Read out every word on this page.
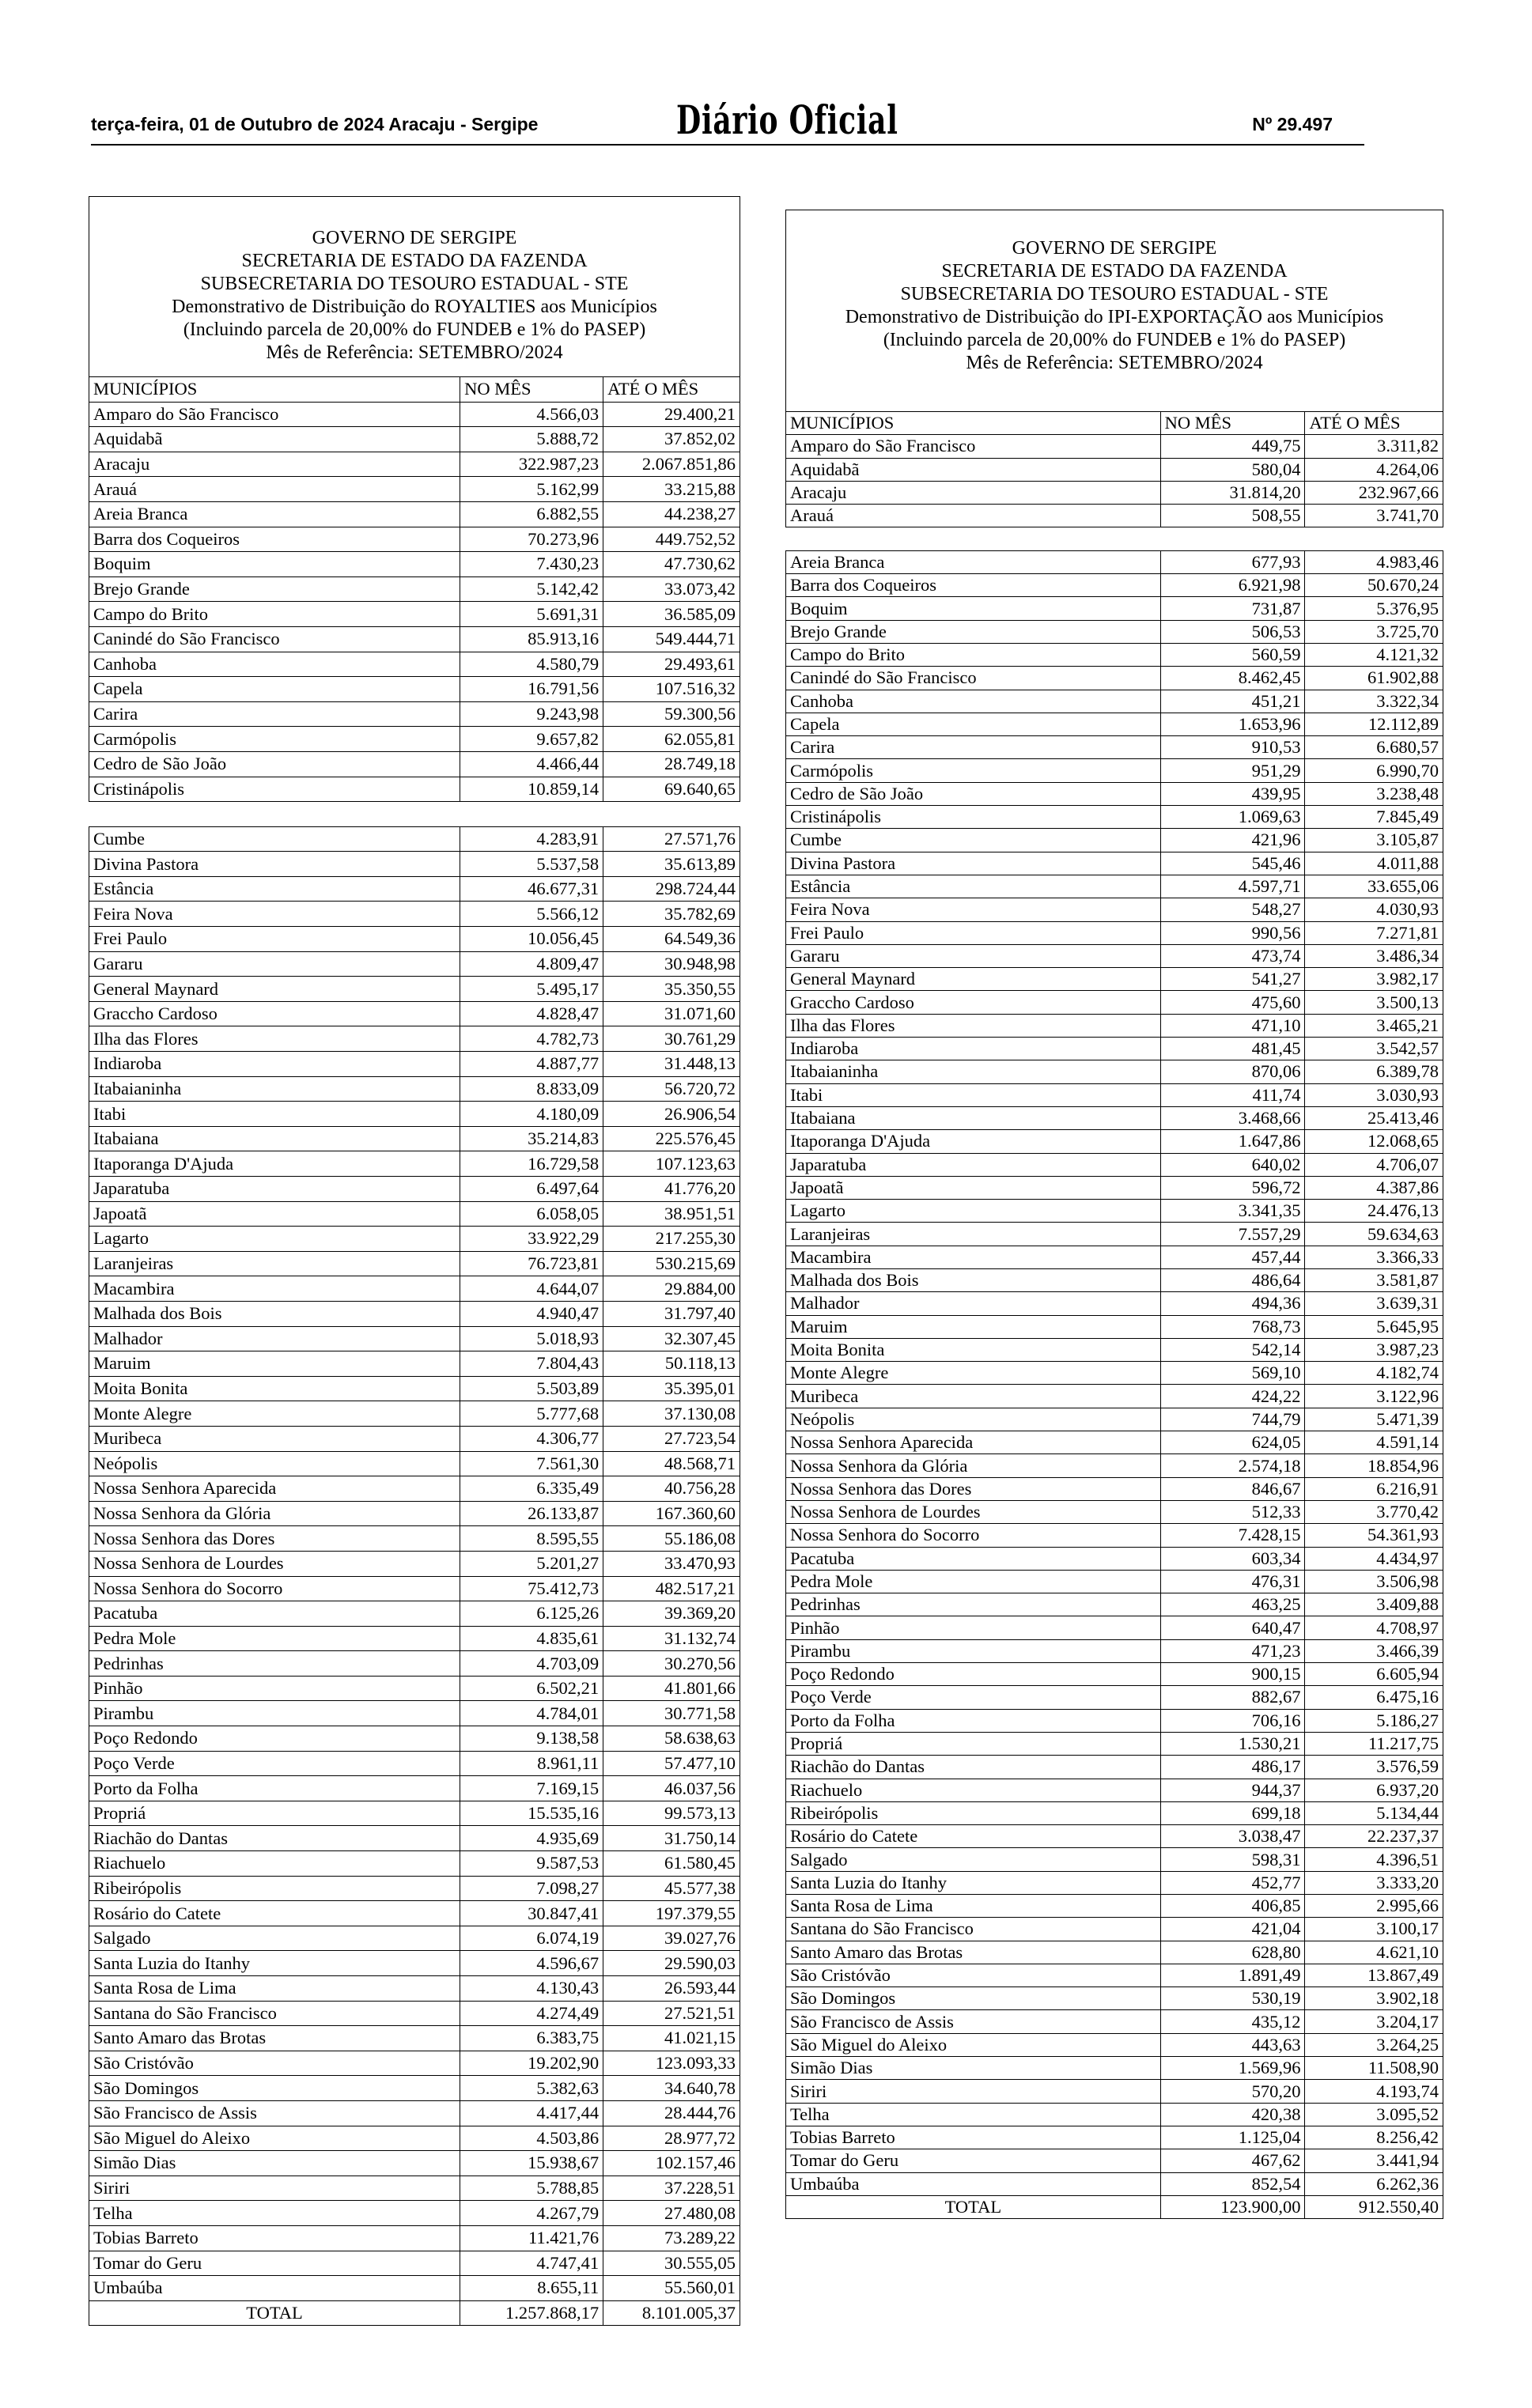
terça-feira, 01 de Outubro de 2024 Aracaju - Sergipe	Diário Oficial	Nº 29.497
GOVERNO DE SERGIPE
SECRETARIA DE ESTADO DA FAZENDA
SUBSECRETARIA DO TESOURO ESTADUAL - STE
Demonstrativo de Distribuição do ROYALTIES aos Municípios
(Incluindo parcela de 20,00% do FUNDEB e 1% do PASEP)
Mês de Referência: SETEMBRO/2024
MUNICÍPIOS	NO MÊS	ATÉ O MÊS
Amparo do São Francisco	4.566,03	29.400,21
Aquidabã	5.888,72	37.852,02
Aracaju	322.987,23	2.067.851,86
Arauá	5.162,99	33.215,88
Areia Branca	6.882,55	44.238,27
Barra dos Coqueiros	70.273,96	449.752,52
Boquim	7.430,23	47.730,62
Brejo Grande	5.142,42	33.073,42
Campo do Brito	5.691,31	36.585,09
Canindé do São Francisco	85.913,16	549.444,71
Canhoba	4.580,79	29.493,61
Capela	16.791,56	107.516,32
Carira	9.243,98	59.300,56
Carmópolis	9.657,82	62.055,81
Cedro de São João	4.466,44	28.749,18
Cristinápolis	10.859,14	69.640,65

Cumbe	4.283,91	27.571,76
Divina Pastora	5.537,58	35.613,89
Estância	46.677,31	298.724,44
Feira Nova	5.566,12	35.782,69
Frei Paulo	10.056,45	64.549,36
Gararu	4.809,47	30.948,98
General Maynard	5.495,17	35.350,55
Graccho Cardoso	4.828,47	31.071,60
Ilha das Flores	4.782,73	30.761,29
Indiaroba	4.887,77	31.448,13
Itabaianinha	8.833,09	56.720,72
Itabi	4.180,09	26.906,54
Itabaiana	35.214,83	225.576,45
Itaporanga D'Ajuda	16.729,58	107.123,63
Japaratuba	6.497,64	41.776,20
Japoatã	6.058,05	38.951,51
Lagarto	33.922,29	217.255,30
Laranjeiras	76.723,81	530.215,69
Macambira	4.644,07	29.884,00
Malhada dos Bois	4.940,47	31.797,40
Malhador	5.018,93	32.307,45
Maruim	7.804,43	50.118,13
Moita Bonita	5.503,89	35.395,01
Monte Alegre	5.777,68	37.130,08
Muribeca	4.306,77	27.723,54
Neópolis	7.561,30	48.568,71
Nossa Senhora Aparecida	6.335,49	40.756,28
Nossa Senhora da Glória	26.133,87	167.360,60
Nossa Senhora das Dores	8.595,55	55.186,08
Nossa Senhora de Lourdes	5.201,27	33.470,93
Nossa Senhora do Socorro	75.412,73	482.517,21
Pacatuba	6.125,26	39.369,20
Pedra Mole	4.835,61	31.132,74
Pedrinhas	4.703,09	30.270,56
Pinhão	6.502,21	41.801,66
Pirambu	4.784,01	30.771,58
Poço Redondo	9.138,58	58.638,63
Poço Verde	8.961,11	57.477,10
Porto da Folha	7.169,15	46.037,56
Propriá	15.535,16	99.573,13
Riachão do Dantas	4.935,69	31.750,14
Riachuelo	9.587,53	61.580,45
Ribeirópolis	7.098,27	45.577,38
Rosário do Catete	30.847,41	197.379,55
Salgado	6.074,19	39.027,76
Santa Luzia do Itanhy	4.596,67	29.590,03
Santa Rosa de Lima	4.130,43	26.593,44
Santana do São Francisco	4.274,49	27.521,51
Santo Amaro das Brotas	6.383,75	41.021,15
São Cristóvão	19.202,90	123.093,33
São Domingos	5.382,63	34.640,78
São Francisco de Assis	4.417,44	28.444,76
São Miguel do Aleixo	4.503,86	28.977,72
Simão Dias	15.938,67	102.157,46
Siriri	5.788,85	37.228,51
Telha	4.267,79	27.480,08
Tobias Barreto	11.421,76	73.289,22
Tomar do Geru	4.747,41	30.555,05
Umbaúba	8.655,11	55.560,01
TOTAL	1.257.868,17	8.101.005,37
GOVERNO DE SERGIPE
SECRETARIA DE ESTADO DA FAZENDA
SUBSECRETARIA DO TESOURO ESTADUAL - STE
Demonstrativo de Distribuição do IPI-EXPORTAÇÃO aos Municípios
(Incluindo parcela de 20,00% do FUNDEB e 1% do PASEP)
Mês de Referência: SETEMBRO/2024
MUNICÍPIOS	NO MÊS	ATÉ O MÊS
Amparo do São Francisco	449,75	3.311,82
Aquidabã	580,04	4.264,06
Aracaju	31.814,20	232.967,66
Arauá	508,55	3.741,70

Areia Branca	677,93	4.983,46
Barra dos Coqueiros	6.921,98	50.670,24
Boquim	731,87	5.376,95
Brejo Grande	506,53	3.725,70
Campo do Brito	560,59	4.121,32
Canindé do São Francisco	8.462,45	61.902,88
Canhoba	451,21	3.322,34
Capela	1.653,96	12.112,89
Carira	910,53	6.680,57
Carmópolis	951,29	6.990,70
Cedro de São João	439,95	3.238,48
Cristinápolis	1.069,63	7.845,49
Cumbe	421,96	3.105,87
Divina Pastora	545,46	4.011,88
Estância	4.597,71	33.655,06
Feira Nova	548,27	4.030,93
Frei Paulo	990,56	7.271,81
Gararu	473,74	3.486,34
General Maynard	541,27	3.982,17
Graccho Cardoso	475,60	3.500,13
Ilha das Flores	471,10	3.465,21
Indiaroba	481,45	3.542,57
Itabaianinha	870,06	6.389,78
Itabi	411,74	3.030,93
Itabaiana	3.468,66	25.413,46
Itaporanga D'Ajuda	1.647,86	12.068,65
Japaratuba	640,02	4.706,07
Japoatã	596,72	4.387,86
Lagarto	3.341,35	24.476,13
Laranjeiras	7.557,29	59.634,63
Macambira	457,44	3.366,33
Malhada dos Bois	486,64	3.581,87
Malhador	494,36	3.639,31
Maruim	768,73	5.645,95
Moita Bonita	542,14	3.987,23
Monte Alegre	569,10	4.182,74
Muribeca	424,22	3.122,96
Neópolis	744,79	5.471,39
Nossa Senhora Aparecida	624,05	4.591,14
Nossa Senhora da Glória	2.574,18	18.854,96
Nossa Senhora das Dores	846,67	6.216,91
Nossa Senhora de Lourdes	512,33	3.770,42
Nossa Senhora do Socorro	7.428,15	54.361,93
Pacatuba	603,34	4.434,97
Pedra Mole	476,31	3.506,98
Pedrinhas	463,25	3.409,88
Pinhão	640,47	4.708,97
Pirambu	471,23	3.466,39
Poço Redondo	900,15	6.605,94
Poço Verde	882,67	6.475,16
Porto da Folha	706,16	5.186,27
Propriá	1.530,21	11.217,75
Riachão do Dantas	486,17	3.576,59
Riachuelo	944,37	6.937,20
Ribeirópolis	699,18	5.134,44
Rosário do Catete	3.038,47	22.237,37
Salgado	598,31	4.396,51
Santa Luzia do Itanhy	452,77	3.333,20
Santa Rosa de Lima	406,85	2.995,66
Santana do São Francisco	421,04	3.100,17
Santo Amaro das Brotas	628,80	4.621,10
São Cristóvão	1.891,49	13.867,49
São Domingos	530,19	3.902,18
São Francisco de Assis	435,12	3.204,17
São Miguel do Aleixo	443,63	3.264,25
Simão Dias	1.569,96	11.508,90
Siriri	570,20	4.193,74
Telha	420,38	3.095,52
Tobias Barreto	1.125,04	8.256,42
Tomar do Geru	467,62	3.441,94
Umbaúba	852,54	6.262,36
TOTAL	123.900,00	912.550,40
